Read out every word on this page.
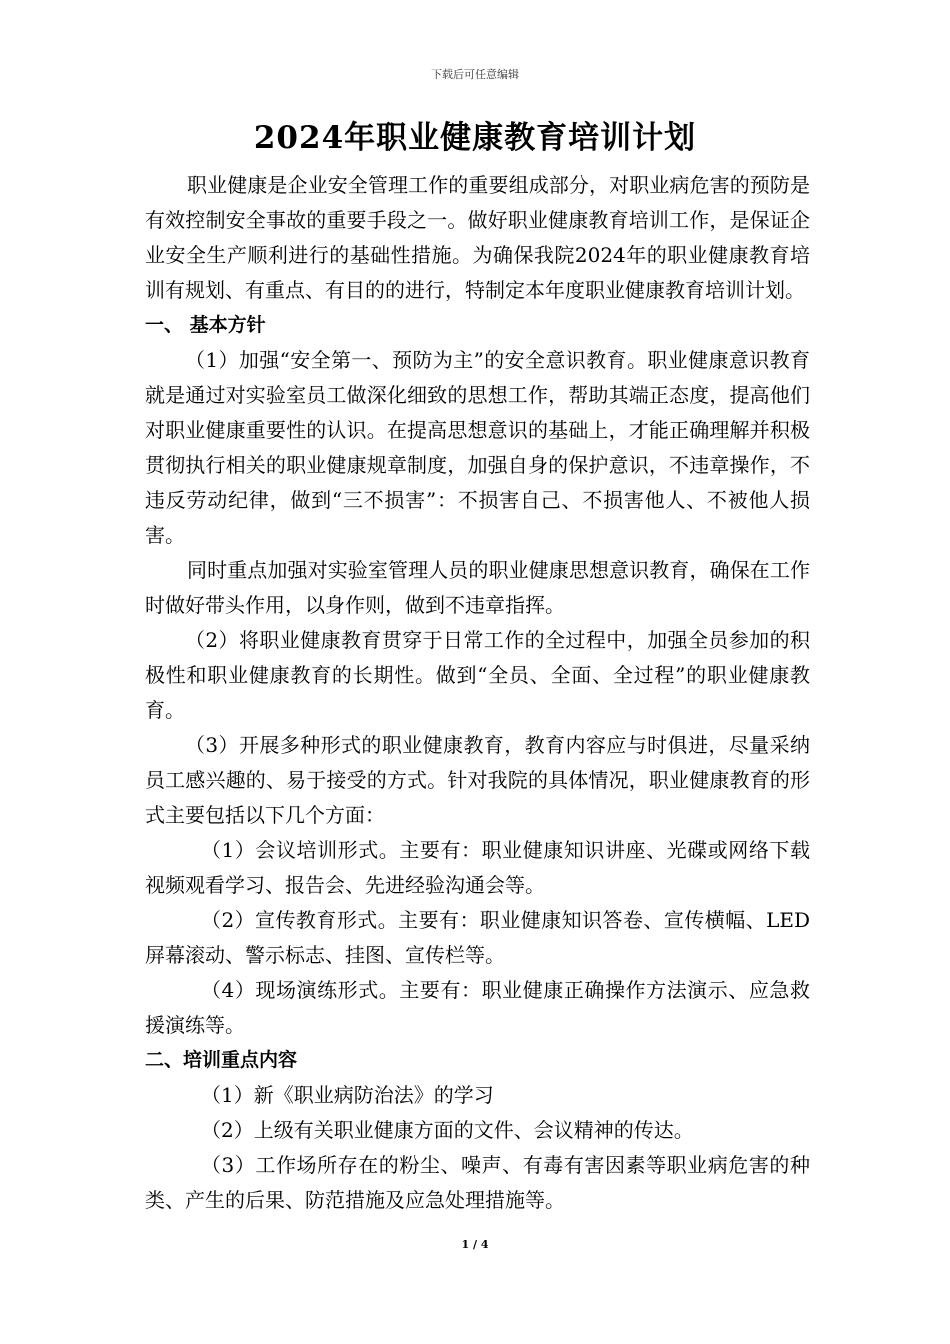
下载后可任意编辑
2024年职业健康教育培训计划

职业健康是企业安全管理工作的重要组成部分，对职业病危害的预防是有效控制安全事故的重要手段之一。做好职业健康教育培训工作，是保证企业安全生产顺利进行的基础性措施。为确保我院2024年的职业健康教育培训有规划、有重点、有目的的进行，特制定本年度职业健康教育培训计划。

一、 基本方针

（1）加强“安全第一、预防为主”的安全意识教育。职业健康意识教育就是通过对实验室员工做深化细致的思想工作，帮助其端正态度，提高他们对职业健康重要性的认识。在提高思想意识的基础上，才能正确理解并积极贯彻执行相关的职业健康规章制度，加强自身的保护意识，不违章操作，不违反劳动纪律，做到“三不损害”：不损害自己、不损害他人、不被他人损害。

同时重点加强对实验室管理人员的职业健康思想意识教育，确保在工作时做好带头作用，以身作则，做到不违章指挥。

（2）将职业健康教育贯穿于日常工作的全过程中，加强全员参加的积极性和职业健康教育的长期性。做到“全员、全面、全过程”的职业健康教育。

（3）开展多种形式的职业健康教育，教育内容应与时俱进，尽量采纳员工感兴趣的、易于接受的方式。针对我院的具体情况，职业健康教育的形式主要包括以下几个方面：

（1）会议培训形式。主要有：职业健康知识讲座、光碟或网络下载视频观看学习、报告会、先进经验沟通会等。

（2）宣传教育形式。主要有：职业健康知识答卷、宣传横幅、LED屏幕滚动、警示标志、挂图、宣传栏等。

（4）现场演练形式。主要有：职业健康正确操作方法演示、应急救援演练等。

二、培训重点内容

（1）新《职业病防治法》的学习

（2）上级有关职业健康方面的文件、会议精神的传达。

（3）工作场所存在的粉尘、噪声、有毒有害因素等职业病危害的种类、产生的后果、防范措施及应急处理措施等。

1 / 4
